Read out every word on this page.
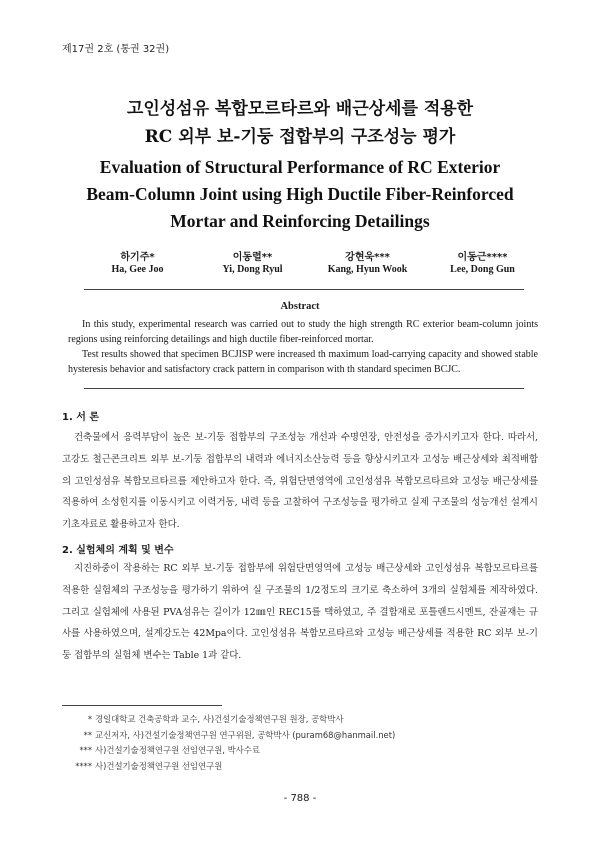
제17권 2호 (통권 32권)
고인성섬유 복합모르타르와 배근상세를 적용한
RC 외부 보-기둥 접합부의 구조성능 평가
Evaluation of Structural Performance of RC Exterior
Beam-Column Joint using High Ductile Fiber-Reinforced
Mortar and Reinforcing Detailings
하기주*
Ha, Gee Joo
이동렬**
Yi, Dong Ryul
강현욱***
Kang, Hyun Wook
이동근****
Lee, Dong Gun
Abstract

In this study, experimental research was carried out to study the high strength RC exterior beam-column joints regions using reinforcing detailings and high ductile fiber-reinforced mortar.

Test results showed that specimen BCJISP were increased th maximum load-carrying capacity and showed stable hysteresis behavior and satisfactory crack pattern in comparison with th standard specimen BCJC.

1. 서 론

건축물에서 응력부담이 높은 보-기둥 접합부의 구조성능 개선과 수명연장, 안전성을 증가시키고자 한다. 따라서, 고강도 철근콘크리트 외부 보-기둥 접합부의 내력과 에너지소산능력 등을 향상시키고자 고성능 배근상세와 최적배합의 고인성섬유 복합모르타르를 제안하고자 한다. 즉, 위험단면영역에 고인성섬유 복합모르타르와 고성능 배근상세를 적용하여 소성힌지를 이동시키고 이력거동, 내력 등을 고찰하여 구조성능을 평가하고 실제 구조물의 성능개선 설계시 기초자료로 활용하고자 한다.

2. 실험체의 계획 및 변수

지진하중이 작용하는 RC 외부 보-기둥 접합부에 위험단면영역에 고성능 배근상세와 고인성섬유 복합모르타르를 적용한 실험체의 구조성능을 평가하기 위하여 실 구조물의 1/2정도의 크기로 축소하여 3개의 실험체를 제작하였다. 그리고 실험체에 사용된 PVA섬유는 길이가 12㎜인 REC15를 택하였고, 주 결합재로 포틀랜드시멘트, 잔골재는 규사를 사용하였으며, 설계강도는 42Mpa이다. 고인성섬유 복합모르타르와 고성능 배근상세를 적용한 RC 외부 보-기둥 접합부의 실험체 변수는 Table 1과 같다.

* 경일대학교 건축공학과 교수, 사)건설기술정책연구원 원장, 공학박사
** 교신저자, 사)건설기술정책연구원 연구위원, 공학박사 (puram68@hanmail.net)
*** 사)건설기술정책연구원 선임연구원, 박사수료
**** 사)건설기술정책연구원 선임연구원
- 788 -
